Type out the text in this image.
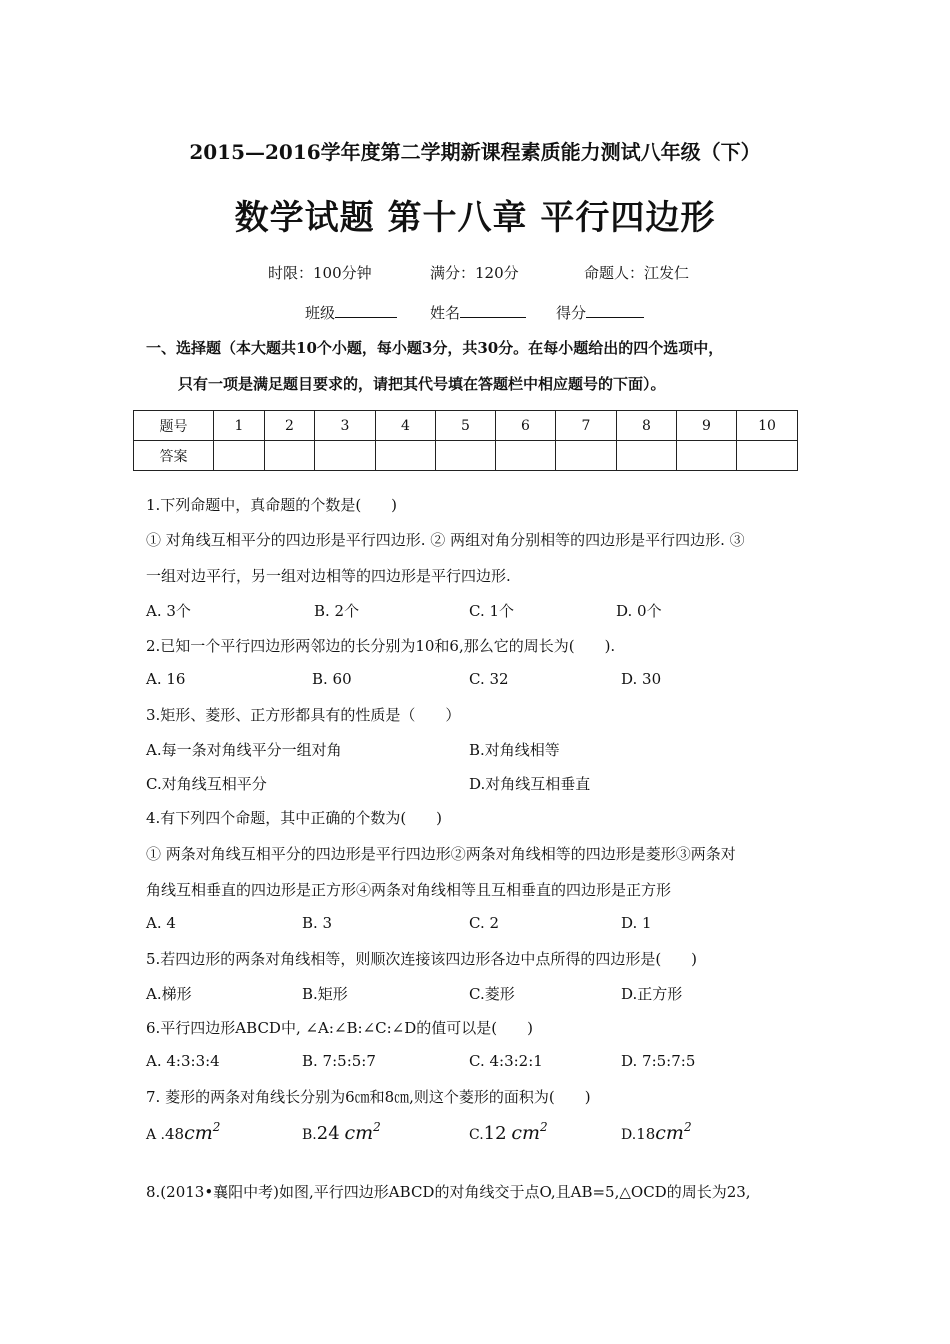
2015—2016学年度第二学期新课程素质能力测试八年级（下）
数学试题 第十八章 平行四边形
时限：100分钟	满分：120分	命题人：江发仁
班级	姓名	得分
一、选择题（本大题共10个小题，每小题3分，共30分。在每小题给出的四个选项中，
只有一项是满足题目要求的，请把其代号填在答题栏中相应题号的下面）。
题号	1	2	3	4	5	6	7	8	9	10
答案										
1.下列命题中，真命题的个数是(　　)
① 对角线互相平分的四边形是平行四边形. ② 两组对角分别相等的四边形是平行四边形. ③
一组对边平行，另一组对边相等的四边形是平行四边形.
A. 3个	B. 2个	C. 1个	D. 0个
2.已知一个平行四边形两邻边的长分别为10和6,那么它的周长为(　　).
A. 16	B. 60	C. 32	D. 30
3.矩形、菱形、正方形都具有的性质是（　　）
A.每一条对角线平分一组对角	B.对角线相等
C.对角线互相平分	D.对角线互相垂直
4.有下列四个命题，其中正确的个数为(　　)
① 两条对角线互相平分的四边形是平行四边形②两条对角线相等的四边形是菱形③两条对
角线互相垂直的四边形是正方形④两条对角线相等且互相垂直的四边形是正方形
A. 4	B. 3	C. 2	D. 1
5.若四边形的两条对角线相等，则顺次连接该四边形各边中点所得的四边形是(　　)
A.梯形	B.矩形	C.菱形	D.正方形
6.平行四边形ABCD中, ∠A:∠B:∠C:∠D的值可以是(　　)
A. 4:3:3:4	B. 7:5:5:7	C. 4:3:2:1	D. 7:5:7:5
7. 菱形的两条对角线长分别为6㎝和8㎝,则这个菱形的面积为(　　)
A $.48cm^2$	B.24 $cm^2$	C.12 $cm^2$	$D.18cm^2$
8.(2013•襄阳中考)如图,平行四边形ABCD的对角线交于点O,且AB=5,△OCD的周长为23,
